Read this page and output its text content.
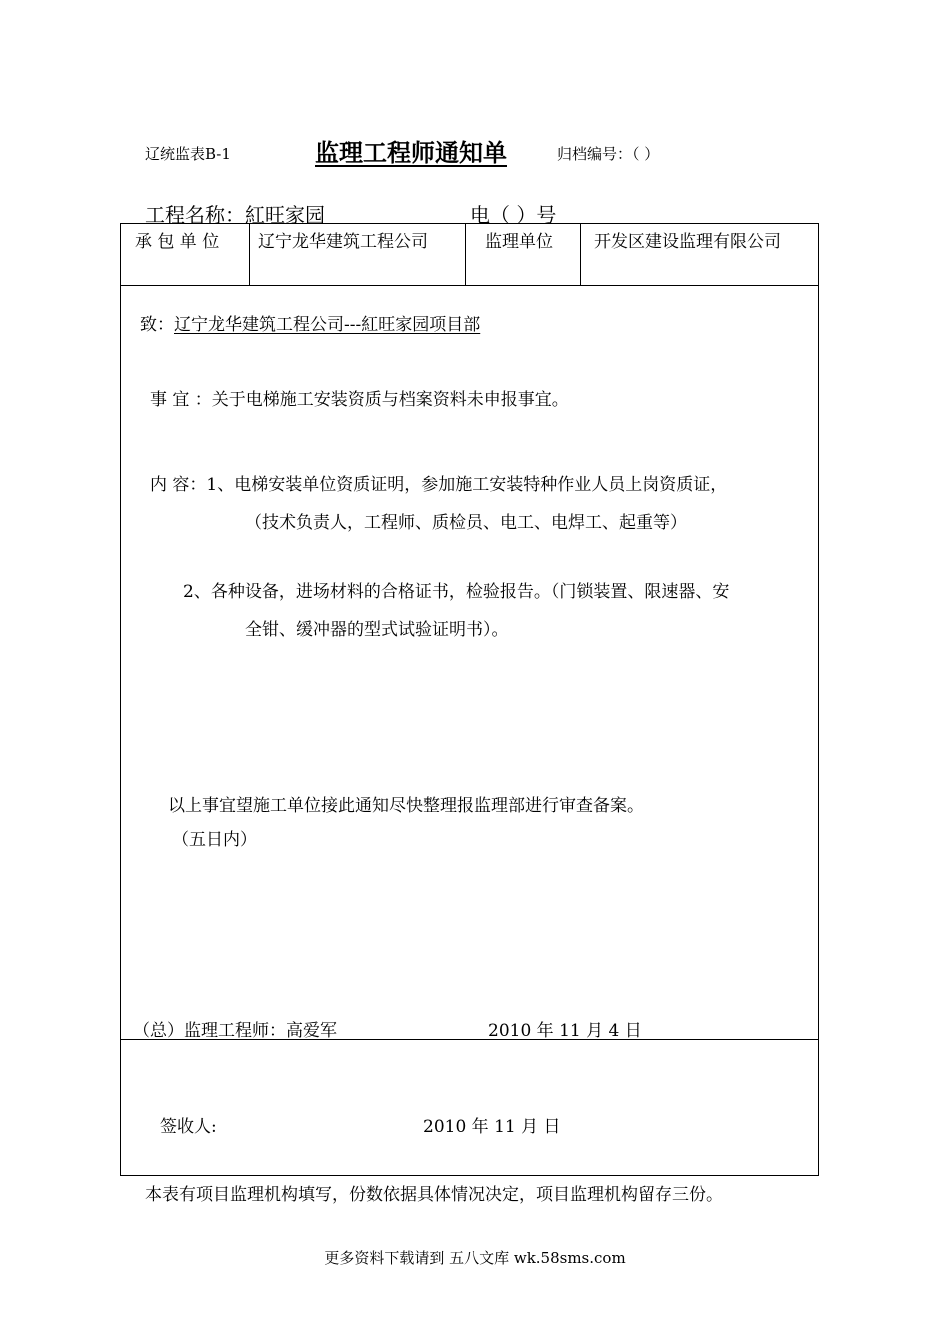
辽统监表B-1	监理工程师通知单	归档编号：（ ）
工程名称：紅旺家园	电（ ）号
承 包 单 位 辽宁龙华建筑工程公司	监理单位 开发区建设监理有限公司
致：辽宁龙华建筑工程公司---紅旺家园项目部
事 宜 ：关于电梯施工安装资质与档案资料未申报事宜。
内 容：1、电梯安装单位资质证明，参加施工安装特种作业人员上岗资质证，
（技术负责人，工程师、质检员、电工、电焊工、起重等）
2、各种设备，进场材料的合格证书，检验报告。（门锁装置、限速器、安
全钳、缓冲器的型式试验证明书）。
以上事宜望施工单位接此通知尽快整理报监理部进行审查备案。
（五日内）
（总）监理工程师：高爱军	2010 年 11 月 4 日
签收人:	2010 年 11 月 日
本表有项目监理机构填写，份数依据具体情况决定，项目监理机构留存三份。
更多资料下载请到 五八文库 wk.58sms.com
